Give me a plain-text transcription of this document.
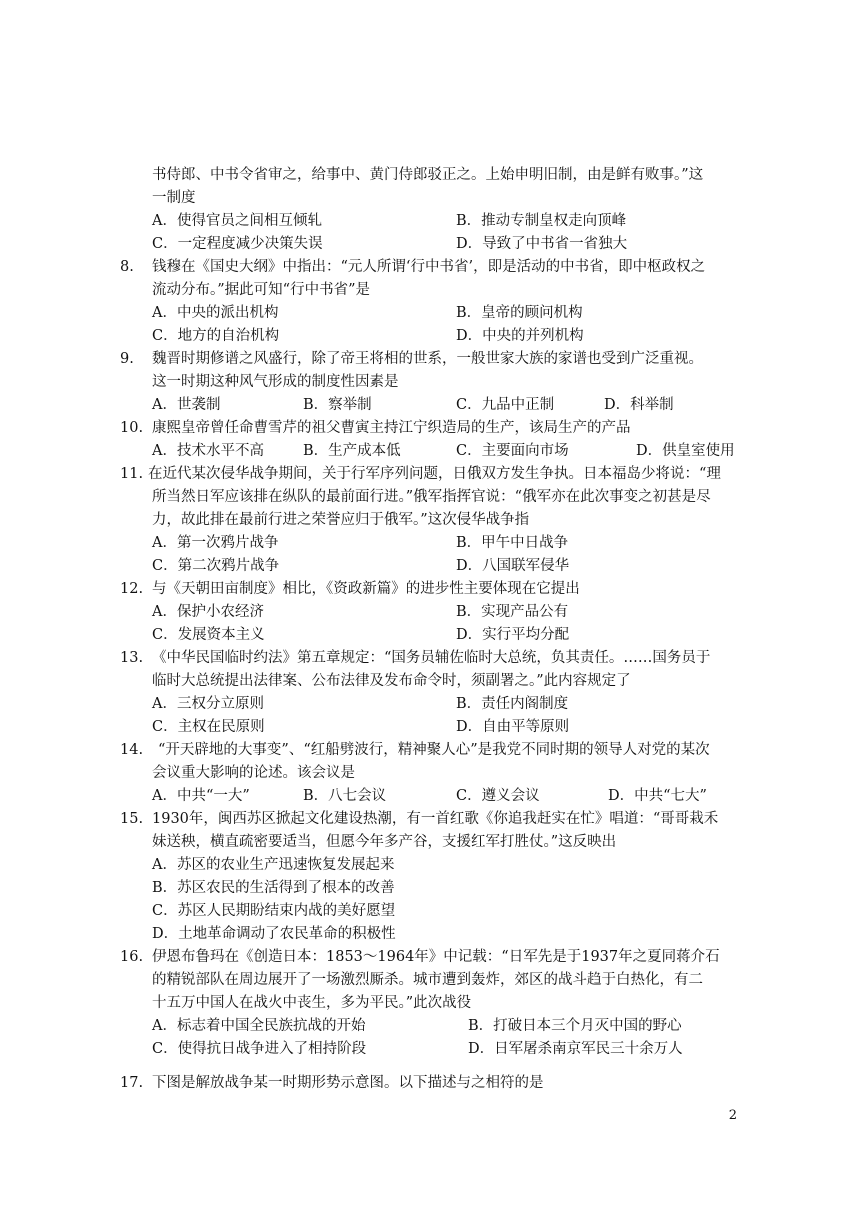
书侍郎、中书令省审之，给事中、黄门侍郎驳正之。上始申明旧制，由是鲜有败事。”这
一制度
A．使得官员之间相互倾轧	B．推动专制皇权走向顶峰
C．一定程度减少决策失误	D．导致了中书省一省独大
8. 钱穆在《国史大纲》中指出：“元人所谓‘行中书省’，即是活动的中书省，即中枢政权之
流动分布。”据此可知“行中书省”是
A．中央的派出机构	B．皇帝的顾问机构
C．地方的自治机构	D．中央的并列机构
9. 魏晋时期修谱之风盛行，除了帝王将相的世系，一般世家大族的家谱也受到广泛重视。
这一时期这种风气形成的制度性因素是
A．世袭制	B．察举制	C．九品中正制	D．科举制
10. 康熙皇帝曾任命曹雪芹的祖父曹寅主持江宁织造局的生产，该局生产的产品
A．技术水平不高	B．生产成本低	C．主要面向市场	D．供皇室使用
11. 在近代某次侵华战争期间，关于行军序列问题，日俄双方发生争执。日本福岛少将说：“理
所当然日军应该排在纵队的最前面行进。”俄军指挥官说：“俄军亦在此次事变之初甚是尽
力，故此排在最前行进之荣誉应归于俄军。”这次侵华战争指
A．第一次鸦片战争	B．甲午中日战争
C．第二次鸦片战争	D．八国联军侵华
12. 与《天朝田亩制度》相比，《资政新篇》的进步性主要体现在它提出
A．保护小农经济	B．实现产品公有
C．发展资本主义	D．实行平均分配
13. 《中华民国临时约法》第五章规定：“国务员辅佐临时大总统，负其责任。……国务员于
临时大总统提出法律案、公布法律及发布命令时，须副署之。”此内容规定了
A．三权分立原则	B．责任内阁制度
C．主权在民原则	D．自由平等原则
14. “开天辟地的大事变”、“红船劈波行，精神聚人心”是我党不同时期的领导人对党的某次
会议重大影响的论述。该会议是
A．中共“一大”	B．八七会议	C．遵义会议	D．中共“七大”
15. 1930年，闽西苏区掀起文化建设热潮，有一首红歌《你追我赶实在忙》唱道：“哥哥栽禾
妹送秧，横直疏密要适当，但愿今年多产谷，支援红军打胜仗。”这反映出
A．苏区的农业生产迅速恢复发展起来
B．苏区农民的生活得到了根本的改善
C．苏区人民期盼结束内战的美好愿望
D．土地革命调动了农民革命的积极性
16. 伊恩布鲁玛在《创造日本：1853～1964年》中记载：“日军先是于1937年之夏同蒋介石
的精锐部队在周边展开了一场激烈厮杀。城市遭到轰炸，郊区的战斗趋于白热化，有二
十五万中国人在战火中丧生，多为平民。”此次战役
A．标志着中国全民族抗战的开始	B．打破日本三个月灭中国的野心
C．使得抗日战争进入了相持阶段	D．日军屠杀南京军民三十余万人
17. 下图是解放战争某一时期形势示意图。以下描述与之相符的是
2
